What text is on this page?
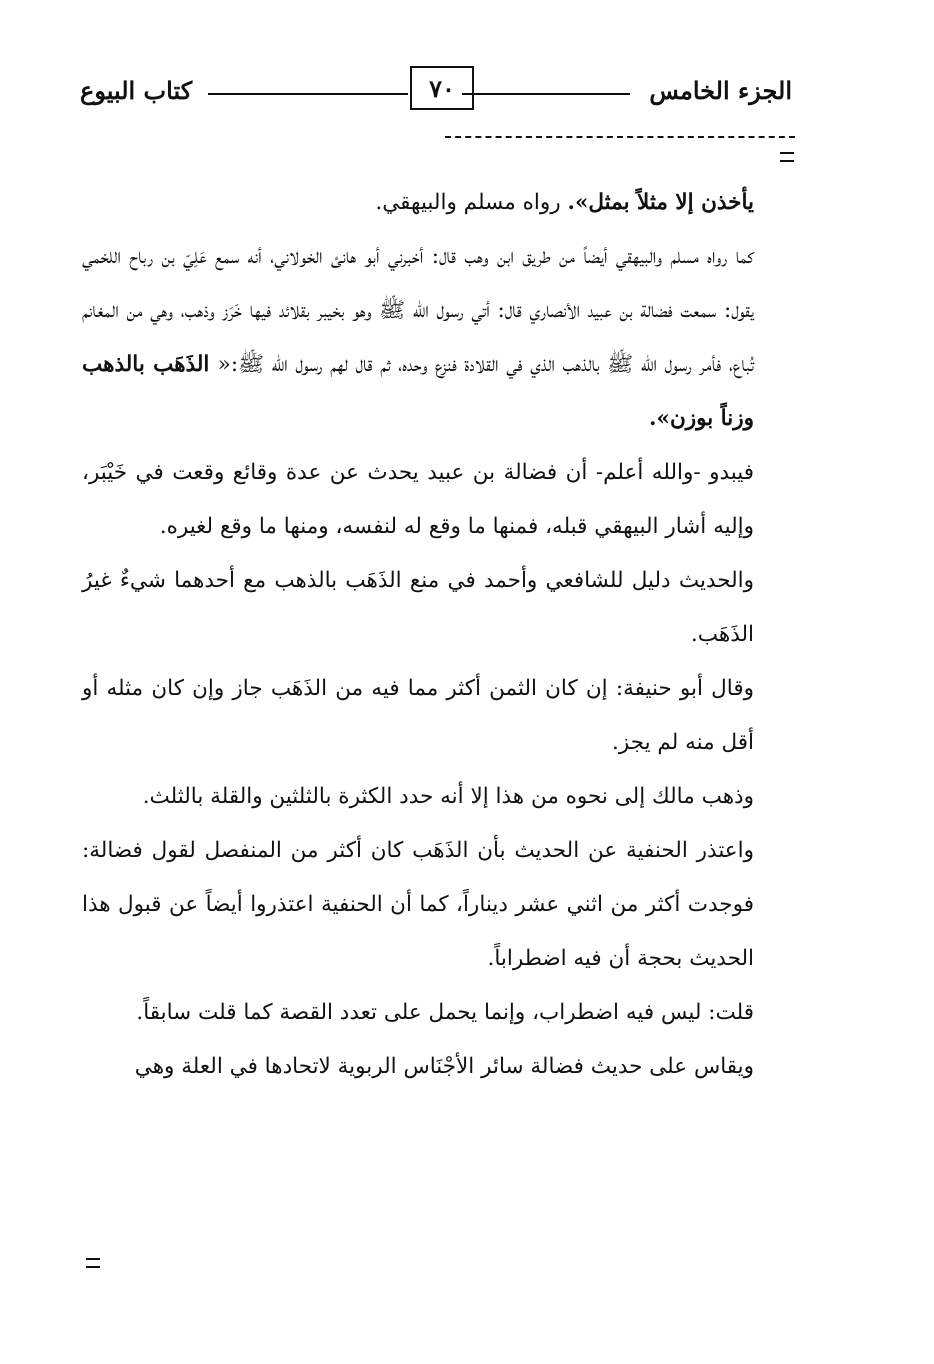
الجزء الخامس
٧٠
كتاب البيوع

يأخذن إلا مثلاً بمثل». رواه مسلم والبيهقي.

كما رواه مسلم والبيهقي أيضاً من طريق ابن وهب قال: أخبرني أبو هانئ الخولاني، أنه سمع عَلِيّ بن رباح اللخمي يقول: سمعت فضالة بن عبيد الأنصاري قال: أتي رسول الله ﷺ وهو بخيبر بقلائد فيها خَرَز وذهب، وهي من المغانم تُباع، فأمر رسول الله ﷺ بالذهب الذي في القلادة فنزع وحده، ثم قال لهم رسول الله ﷺ:« الذَهَب بالذهب وزناً بوزن».

فيبدو -والله أعلم- أن فضالة بن عبيد يحدث عن عدة وقائع وقعت في خَيْبَر، وإليه أشار البيهقي قبله، فمنها ما وقع له لنفسه، ومنها ما وقع لغيره.

والحديث دليل للشافعي وأحمد في منع الذَهَب بالذهب مع أحدهما شيءٌ غيرُ الذَهَب.

وقال أبو حنيفة: إن كان الثمن أكثر مما فيه من الذَهَب جاز وإن كان مثله أو أقل منه لم يجز.

وذهب مالك إلى نحوه من هذا إلا أنه حدد الكثرة بالثلثين والقلة بالثلث.

واعتذر الحنفية عن الحديث بأن الذَهَب كان أكثر من المنفصل لقول فضالة: فوجدت أكثر من اثني عشر ديناراً، كما أن الحنفية اعتذروا أيضاً عن قبول هذا الحديث بحجة أن فيه اضطراباً.

قلت: ليس فيه اضطراب، وإنما يحمل على تعدد القصة كما قلت سابقاً.

ويقاس على حديث فضالة سائر الأجْنَاس الربوية لاتحادها في العلة وهي
